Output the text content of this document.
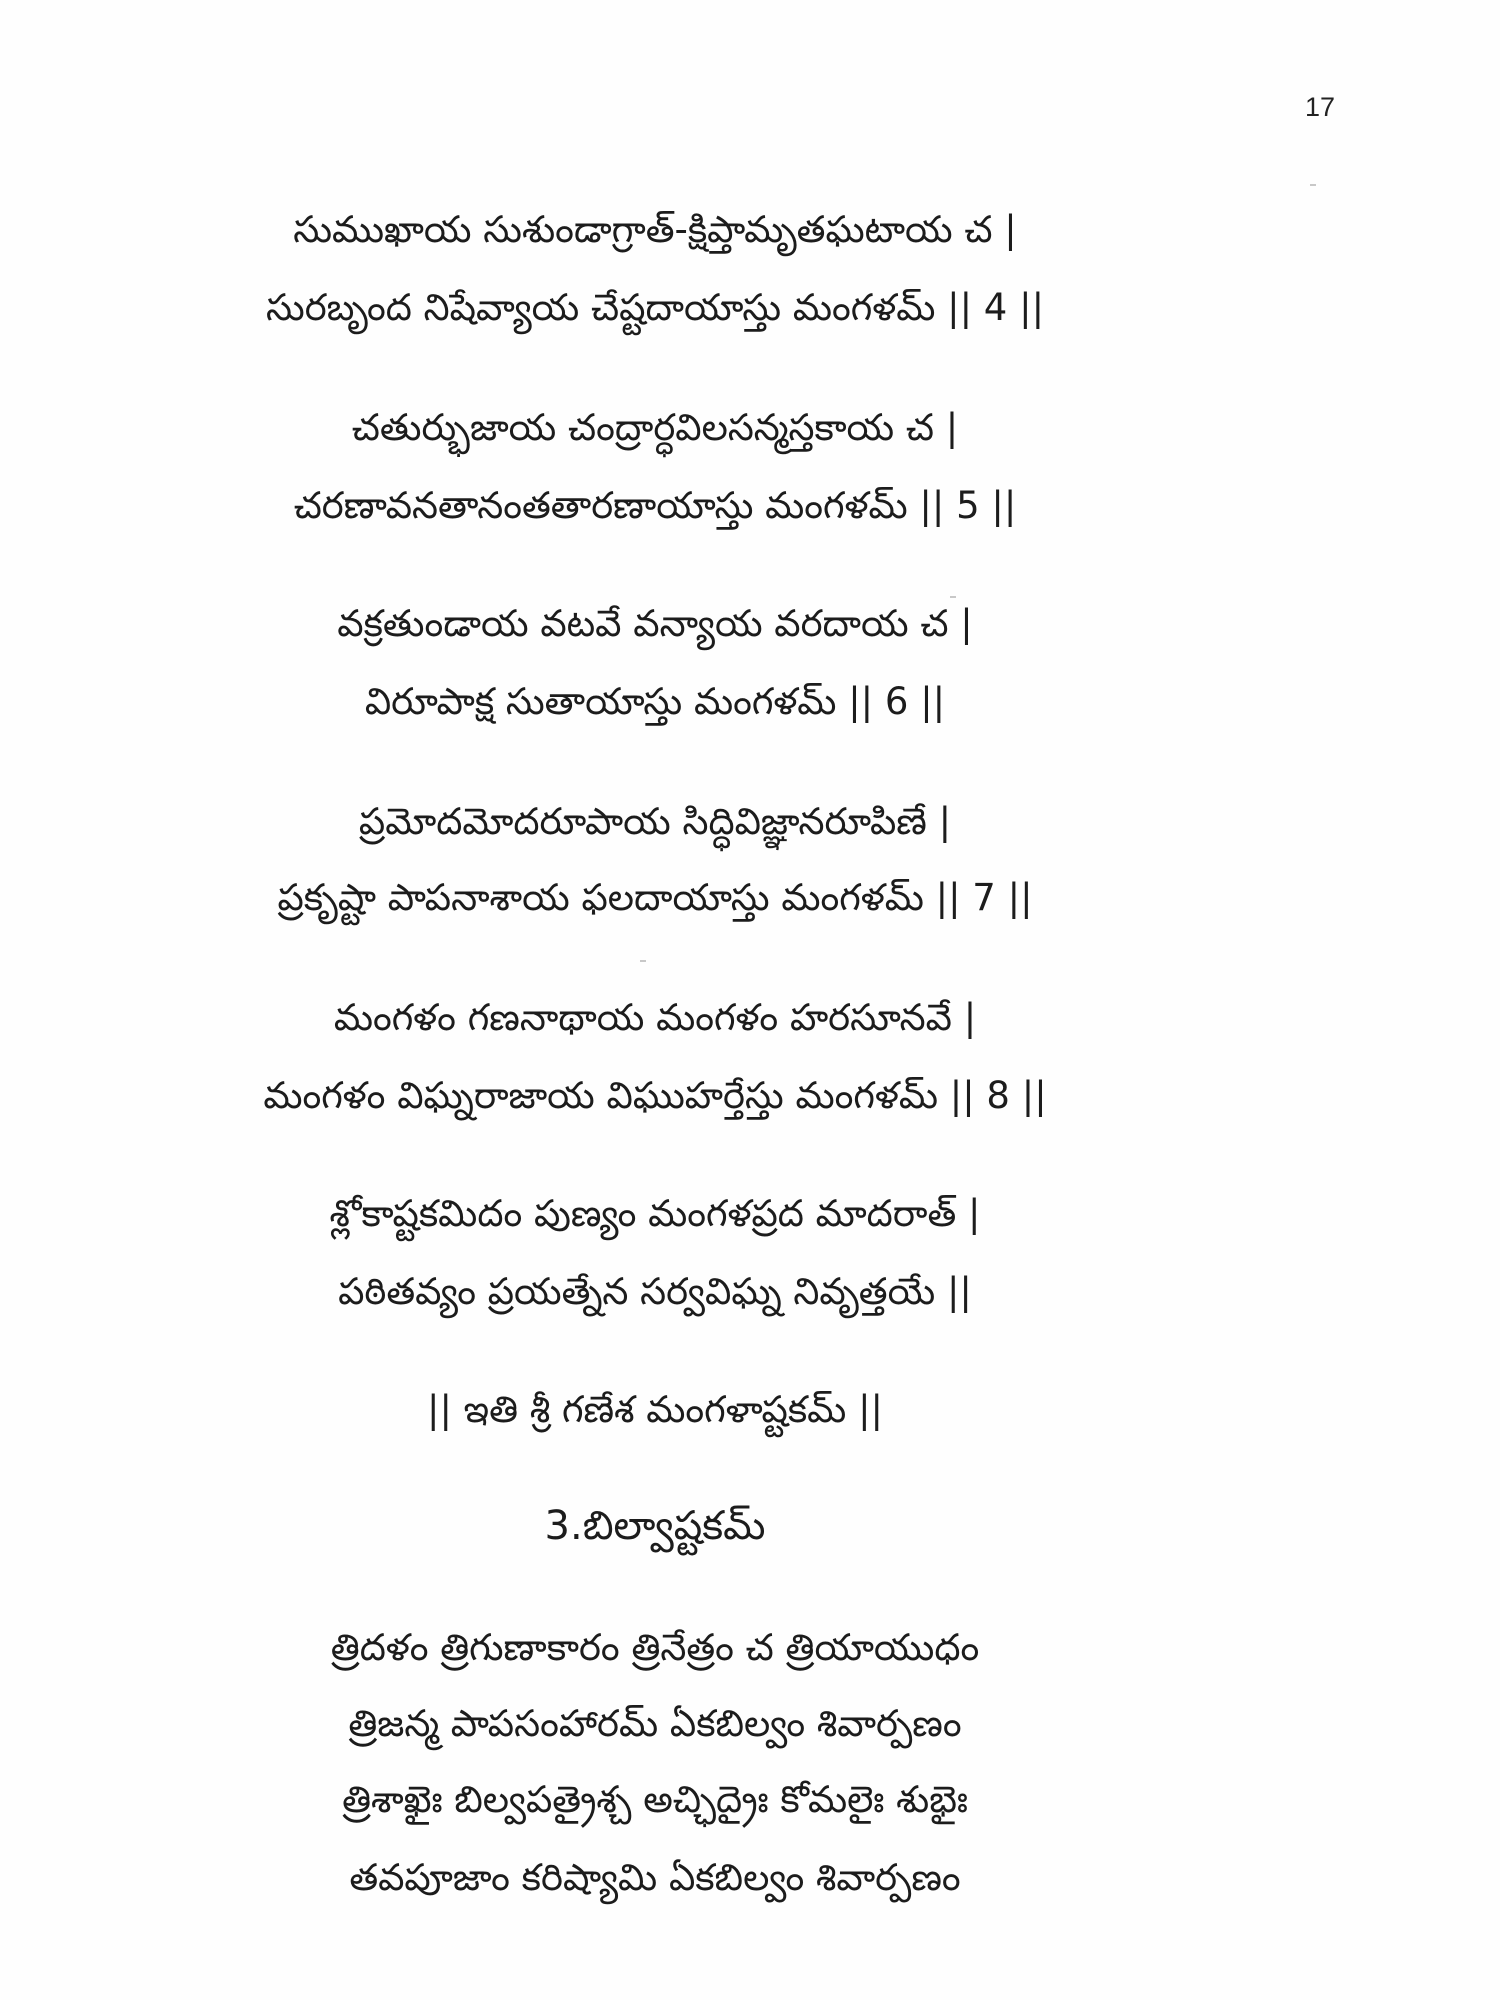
17
సుముఖాయ సుశుండాగ్రాత్-క్షిప్తామృతఘటాయ చ |
సురబృంద నిషేవ్యాయ చేష్టదాయాస్తు మంగళమ్ || 4 ||
చతుర్భుజాయ చంద్రార్ధవిలసన్మస్తకాయ చ |
చరణావనతానంతతారణాయాస్తు మంగళమ్ || 5 ||
వక్రతుండాయ వటవే వన్యాయ వరదాయ చ |
విరూపాక్ష సుతాయాస్తు మంగళమ్ || 6 ||
ప్రమోదమోదరూపాయ సిద్ధివిజ్ఞానరూపిణే |
ప్రకృష్టా పాపనాశాయ ఫలదాయాస్తు మంగళమ్ || 7 ||
మంగళం గణనాథాయ మంగళం హరసూనవే |
మంగళం విఘ్నరాజాయ విఘుహర్తేస్తు మంగళమ్ || 8 ||
శ్లోకాష్టకమిదం పుణ్యం మంగళప్రద మాదరాత్ |
పఠితవ్యం ప్రయత్నేన సర్వవిఘ్న నివృత్తయే ||
|| ఇతి శ్రీ గణేశ మంగళాష్టకమ్ ||
3.బిల్వాష్టకమ్
త్రిదళం త్రిగుణాకారం త్రినేత్రం చ త్రియాయుధం
త్రిజన్మ పాపసంహారమ్ ఏకబిల్వం శివార్పణం
త్రిశాఖైః బిల్వపత్రైశ్చ అచ్ఛిద్రైః కోమలైః శుభైః
తవపూజాం కరిష్యామి ఏకబిల్వం శివార్పణం
